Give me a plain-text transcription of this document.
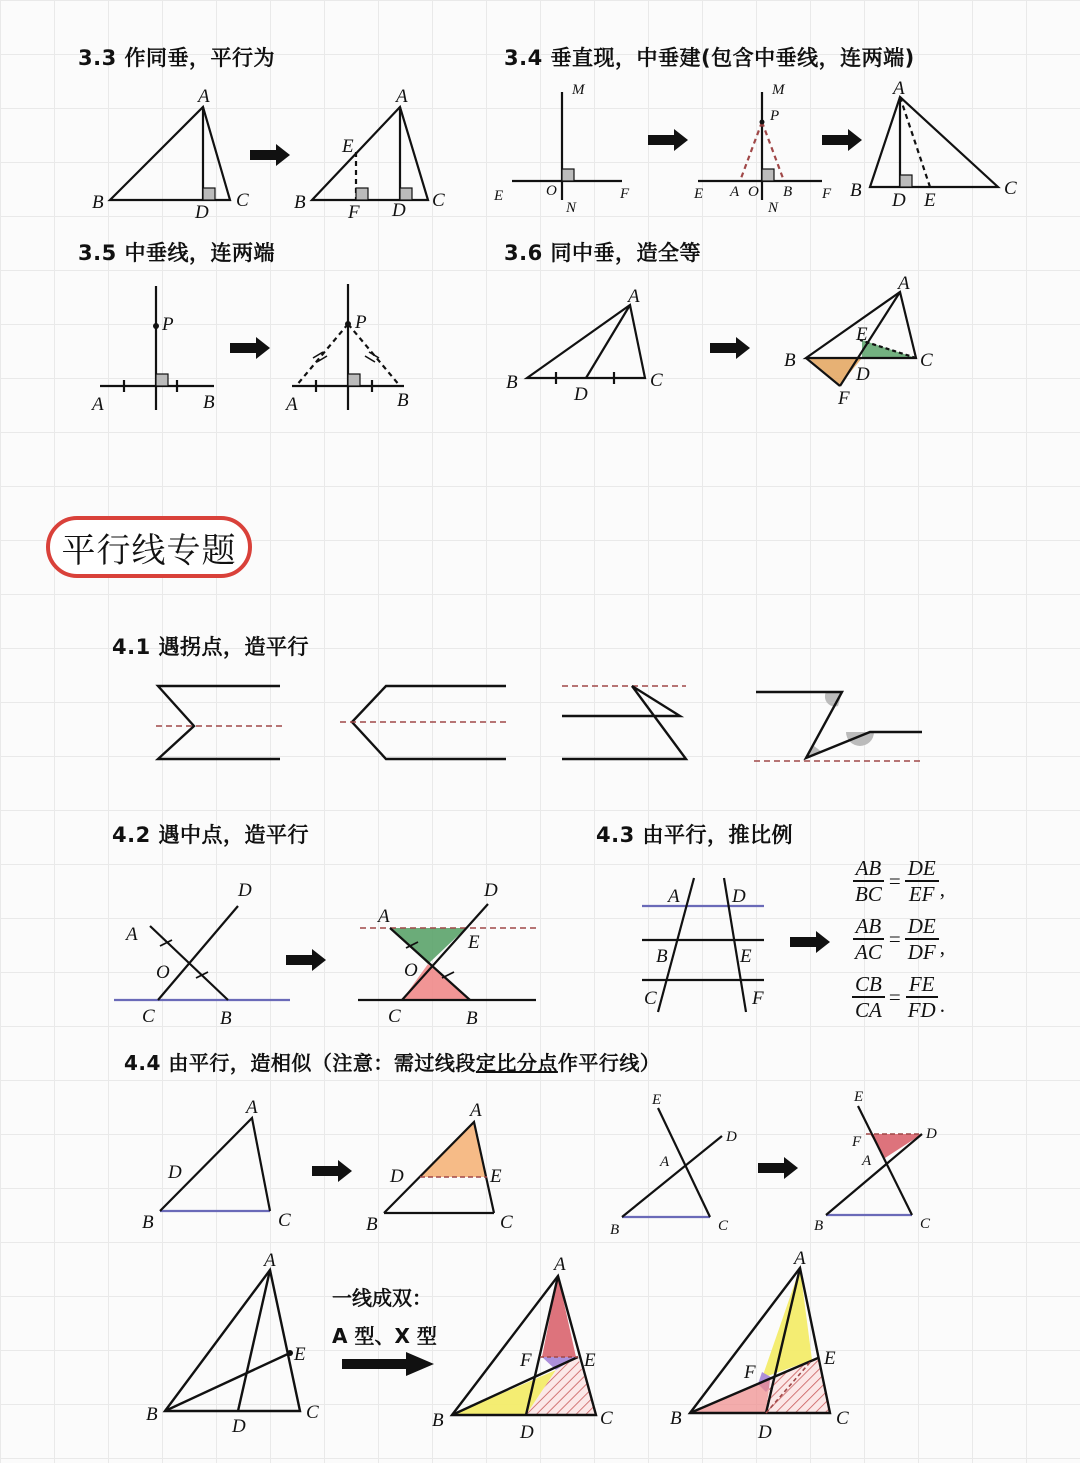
3.3 作同垂，平行为	3.4 垂直现，中垂建(包含中垂线，连两端)
3.5 中垂线，连两端	3.6 同中垂，造全等
平行线专题
4.1 遇拐点，造平行
4.2 遇中点，造平行	4.3 由平行，推比例
4.4 由平行，造相似（注意：需过线段定比分点作平行线）
A
B	C
D
A
E
B	C
F D
M
E	O	F
N
M
P
E A O B F
N
A
B	C
D E
P
A	B
P
A	B
A
B	C
D
A
E
B	C
D
F
A
D
O
C	B
A
D
E
O
C	B
A	D
B	E
C	F
A
D
B	C
A
D	E
B	C
E
D
A
B	C
E
F	D
A
B	C
A
E
B	C
D
A
F	E
B	C
D
A
F
E
B	C
D
一线成双：
A 型、X 型
$\frac{AB}{BC} = \frac{DE}{EF}$ ,
$\frac{AB}{AC} = \frac{DE}{DF}$ ,
$\frac{CB}{CA} = \frac{FE}{FD}$ .
